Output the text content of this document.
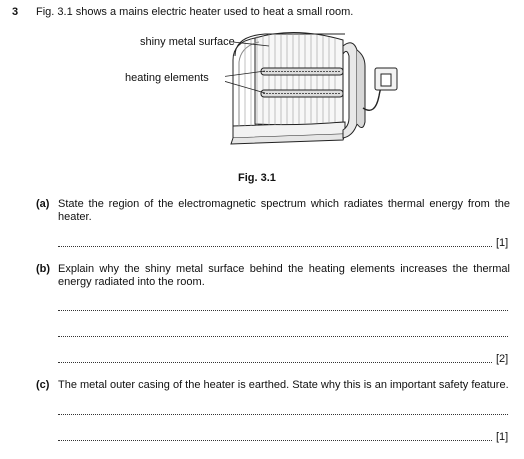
3 Fig. 3.1 shows a mains electric heater used to heat a small room.
shiny metal surface
heating elements
Fig. 3.1
(a) State the region of the electromagnetic spectrum which radiates thermal energy from the heater.
[1]
(b) Explain why the shiny metal surface behind the heating elements increases the thermal energy radiated into the room.
[2]
(c) The metal outer casing of the heater is earthed. State why this is an important safety feature.
[1]
